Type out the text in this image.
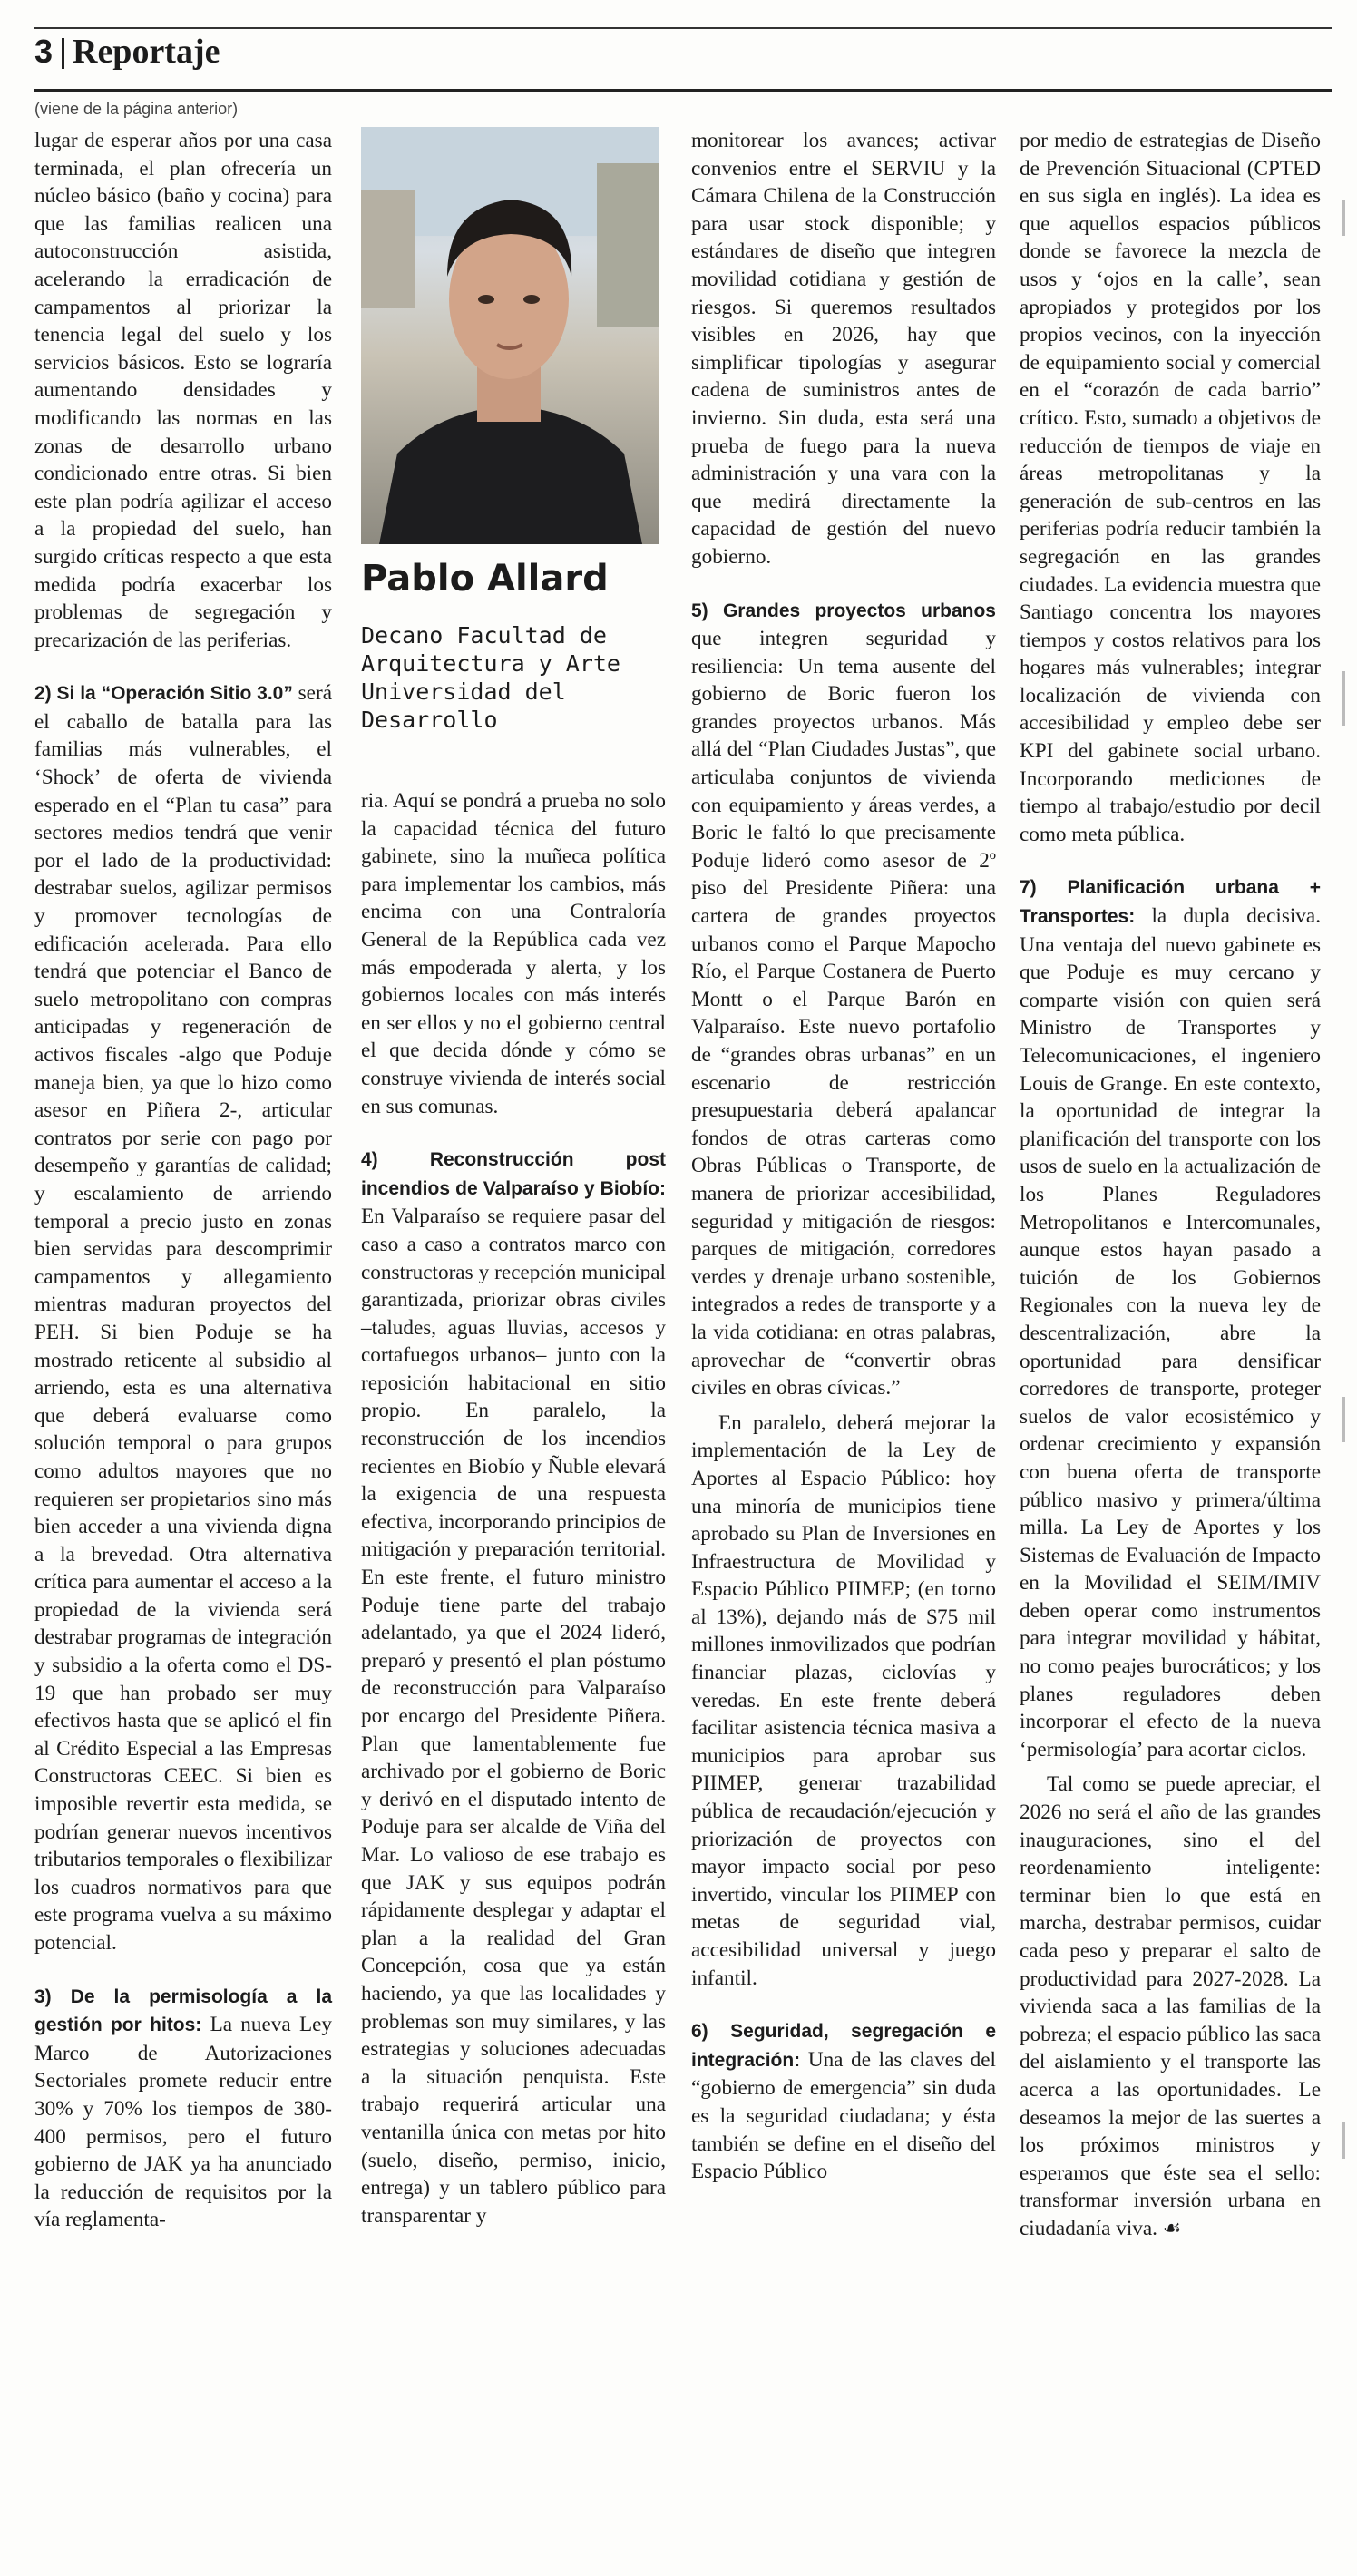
3 Reportaje
(viene de la página anterior)

lugar de esperar años por una casa terminada, el plan ofrecería un núcleo básico (baño y cocina) para que las familias realicen una autoconstrucción asistida, acelerando la erradicación de campamentos al priorizar la tenencia legal del suelo y los servicios básicos. Esto se lograría aumentando densidades y modificando las normas en las zonas de desarrollo urbano condicionado entre otras. Si bien este plan podría agilizar el acceso a la propiedad del suelo, han surgido críticas respecto a que esta medida podría exacerbar los problemas de segregación y precarización de las periferias.

2) Si la “Operación Sitio 3.0” será el caballo de batalla para las familias más vulnerables, el ‘Shock’ de oferta de vivienda esperado en el “Plan tu casa” para sectores medios tendrá que venir por el lado de la productividad: destrabar suelos, agilizar permisos y promover tecnologías de edificación acelerada. Para ello tendrá que potenciar el Banco de suelo metropolitano con compras anticipadas y regeneración de activos fiscales -algo que Poduje maneja bien, ya que lo hizo como asesor en Piñera 2-, articular contratos por serie con pago por desempeño y garantías de calidad; y escalamiento de arriendo temporal a precio justo en zonas bien servidas para descomprimir campamentos y allegamiento mientras maduran proyectos del PEH. Si bien Poduje se ha mostrado reticente al subsidio al arriendo, esta es una alternativa que deberá evaluarse como solución temporal o para grupos como adultos mayores que no requieren ser propietarios sino más bien acceder a una vivienda digna a la brevedad. Otra alternativa crítica para aumentar el acceso a la propiedad de la vivienda será destrabar programas de integración y subsidio a la oferta como el DS-19 que han probado ser muy efectivos hasta que se aplicó el fin al Crédito Especial a las Empresas Constructoras CEEC. Si bien es imposible revertir esta medida, se podrían generar nuevos incentivos tributarios temporales o flexibilizar los cuadros normativos para que este programa vuelva a su máximo potencial.

3) De la permisología a la gestión por hitos: La nueva Ley Marco de Autorizaciones Sectoriales promete reducir entre 30% y 70% los tiempos de 380-400 permisos, pero el futuro gobierno de JAK ya ha anunciado la reducción de requisitos por la vía reglamenta-

Pablo Allard
Decano Facultad de Arquitectura y Arte Universidad del Desarrollo

ria. Aquí se pondrá a prueba no solo la capacidad técnica del futuro gabinete, sino la muñeca política para implementar los cambios, más encima con una Contraloría General de la República cada vez más empoderada y alerta, y los gobiernos locales con más interés en ser ellos y no el gobierno central el que decida dónde y cómo se construye vivienda de interés social en sus comunas.

4) Reconstrucción post incendios de Valparaíso y Biobío: En Valparaíso se requiere pasar del caso a caso a contratos marco con constructoras y recepción municipal garantizada, priorizar obras civiles –taludes, aguas lluvias, accesos y cortafuegos urbanos– junto con la reposición habitacional en sitio propio. En paralelo, la reconstrucción de los incendios recientes en Biobío y Ñuble elevará la exigencia de una respuesta efectiva, incorporando principios de mitigación y preparación territorial. En este frente, el futuro ministro Poduje tiene parte del trabajo adelantado, ya que el 2024 lideró, preparó y presentó el plan póstumo de reconstrucción para Valparaíso por encargo del Presidente Piñera. Plan que lamentablemente fue archivado por el gobierno de Boric y derivó en el disputado intento de Poduje para ser alcalde de Viña del Mar. Lo valioso de ese trabajo es que JAK y sus equipos podrán rápidamente desplegar y adaptar el plan a la realidad del Gran Concepción, cosa que ya están haciendo, ya que las localidades y problemas son muy similares, y las estrategias y soluciones adecuadas a la situación penquista. Este trabajo requerirá articular una ventanilla única con metas por hito (suelo, diseño, permiso, inicio, entrega) y un tablero público para transparentar y

monitorear los avances; activar convenios entre el SERVIU y la Cámara Chilena de la Construcción para usar stock disponible; y estándares de diseño que integren movilidad cotidiana y gestión de riesgos. Si queremos resultados visibles en 2026, hay que simplificar tipologías y asegurar cadena de suministros antes de invierno. Sin duda, esta será una prueba de fuego para la nueva administración y una vara con la que medirá directamente la capacidad de gestión del nuevo gobierno.

5) Grandes proyectos urbanos que integren seguridad y resiliencia: Un tema ausente del gobierno de Boric fueron los grandes proyectos urbanos. Más allá del “Plan Ciudades Justas”, que articulaba conjuntos de vivienda con equipamiento y áreas verdes, a Boric le faltó lo que precisamente Poduje lideró como asesor de 2º piso del Presidente Piñera: una cartera de grandes proyectos urbanos como el Parque Mapocho Río, el Parque Costanera de Puerto Montt o el Parque Barón en Valparaíso. Este nuevo portafolio de “grandes obras urbanas” en un escenario de restricción presupuestaria deberá apalancar fondos de otras carteras como Obras Públicas o Transporte, de manera de priorizar accesibilidad, seguridad y mitigación de riesgos: parques de mitigación, corredores verdes y drenaje urbano sostenible, integrados a redes de transporte y a la vida cotidiana: en otras palabras, aprovechar de “convertir obras civiles en obras cívicas.”

En paralelo, deberá mejorar la implementación de la Ley de Aportes al Espacio Público: hoy una minoría de municipios tiene aprobado su Plan de Inversiones en Infraestructura de Movilidad y Espacio Público PIIMEP; (en torno al 13%), dejando más de $75 mil millones inmovilizados que podrían financiar plazas, ciclovías y veredas. En este frente deberá facilitar asistencia técnica masiva a municipios para aprobar sus PIIMEP, generar trazabilidad pública de recaudación/ejecución y priorización de proyectos con mayor impacto social por peso invertido, vincular los PIIMEP con metas de seguridad vial, accesibilidad universal y juego infantil.

6) Seguridad, segregación e integración: Una de las claves del “gobierno de emergencia” sin duda es la seguridad ciudadana; y ésta también se define en el diseño del Espacio Público

por medio de estrategias de Diseño de Prevención Situacional (CPTED en sus sigla en inglés). La idea es que aquellos espacios públicos donde se favorece la mezcla de usos y ‘ojos en la calle’, sean apropiados y protegidos por los propios vecinos, con la inyección de equipamiento social y comercial en el “corazón de cada barrio” crítico. Esto, sumado a objetivos de reducción de tiempos de viaje en áreas metropolitanas y la generación de sub-centros en las periferias podría reducir también la segregación en las grandes ciudades. La evidencia muestra que Santiago concentra los mayores tiempos y costos relativos para los hogares más vulnerables; integrar localización de vivienda con accesibilidad y empleo debe ser KPI del gabinete social urbano. Incorporando mediciones de tiempo al trabajo/estudio por decil como meta pública.

7) Planificación urbana + Transportes: la dupla decisiva. Una ventaja del nuevo gabinete es que Poduje es muy cercano y comparte visión con quien será Ministro de Transportes y Telecomunicaciones, el ingeniero Louis de Grange. En este contexto, la oportunidad de integrar la planificación del transporte con los usos de suelo en la actualización de los Planes Reguladores Metropolitanos e Intercomunales, aunque estos hayan pasado a tuición de los Gobiernos Regionales con la nueva ley de descentralización, abre la oportunidad para densificar corredores de transporte, proteger suelos de valor ecosistémico y ordenar crecimiento y expansión con buena oferta de transporte público masivo y primera/última milla. La Ley de Aportes y los Sistemas de Evaluación de Impacto en la Movilidad el SEIM/IMIV deben operar como instrumentos para integrar movilidad y hábitat, no como peajes burocráticos; y los planes reguladores deben incorporar el efecto de la nueva ‘permisología’ para acortar ciclos.

Tal como se puede apreciar, el 2026 no será el año de las grandes inauguraciones, sino el del reordenamiento inteligente: terminar bien lo que está en marcha, destrabar permisos, cuidar cada peso y preparar el salto de productividad para 2027-2028. La vivienda saca a las familias de la pobreza; el espacio público las saca del aislamiento y el transporte las acerca a las oportunidades. Le deseamos la mejor de las suertes a los próximos ministros y esperamos que éste sea el sello: transformar inversión urbana en ciudadanía viva. ☙
